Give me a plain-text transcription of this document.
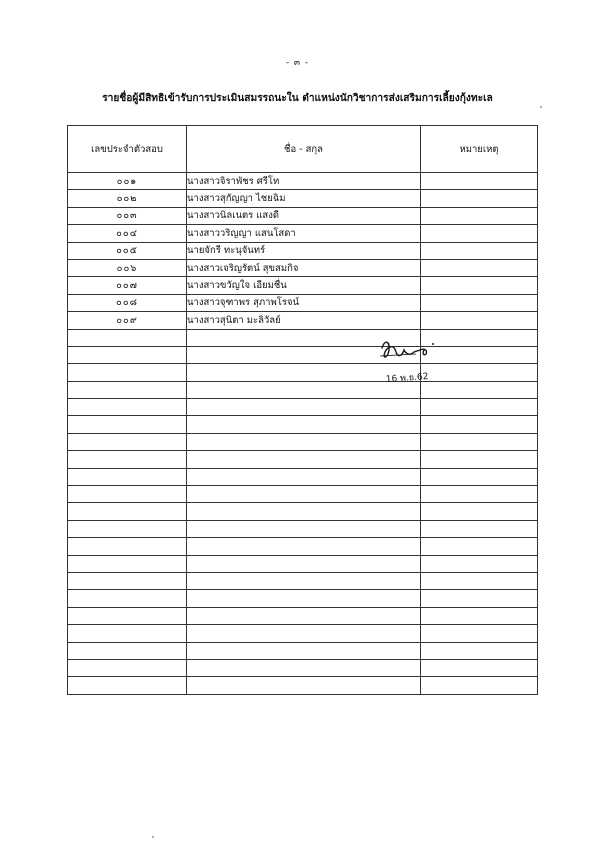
- ๓ -
รายชื่อผู้มีสิทธิเข้ารับการประเมินสมรรถนะใน ตำแหน่งนักวิชาการส่งเสริมการเลี้ยงกุ้งทะเล
เลขประจำตัวสอบ	ชื่อ - สกุล	หมายเหตุ
๐๐๑	นางสาวจิราพัชร ศรีโท	
๐๐๒	นางสาวสุกัญญา ไชยฉิม	
๐๐๓	นางสาวนิลเนตร แสงดี	
๐๐๔	นางสาววริญญา แสนโสดา	
๐๐๕	นายจักรี ทะนุจันทร์	
๐๐๖	นางสาวเจริญรัตน์ สุขสมกิจ	
๐๐๗	นางสาวขวัญใจ เอียมชื่น	
๐๐๘	นางสาวจุฑาพร สุภาพโรจน์	
๐๐๙	นางสาวสุนิตา มะลิวัลย์	

16 พ.ย.62
